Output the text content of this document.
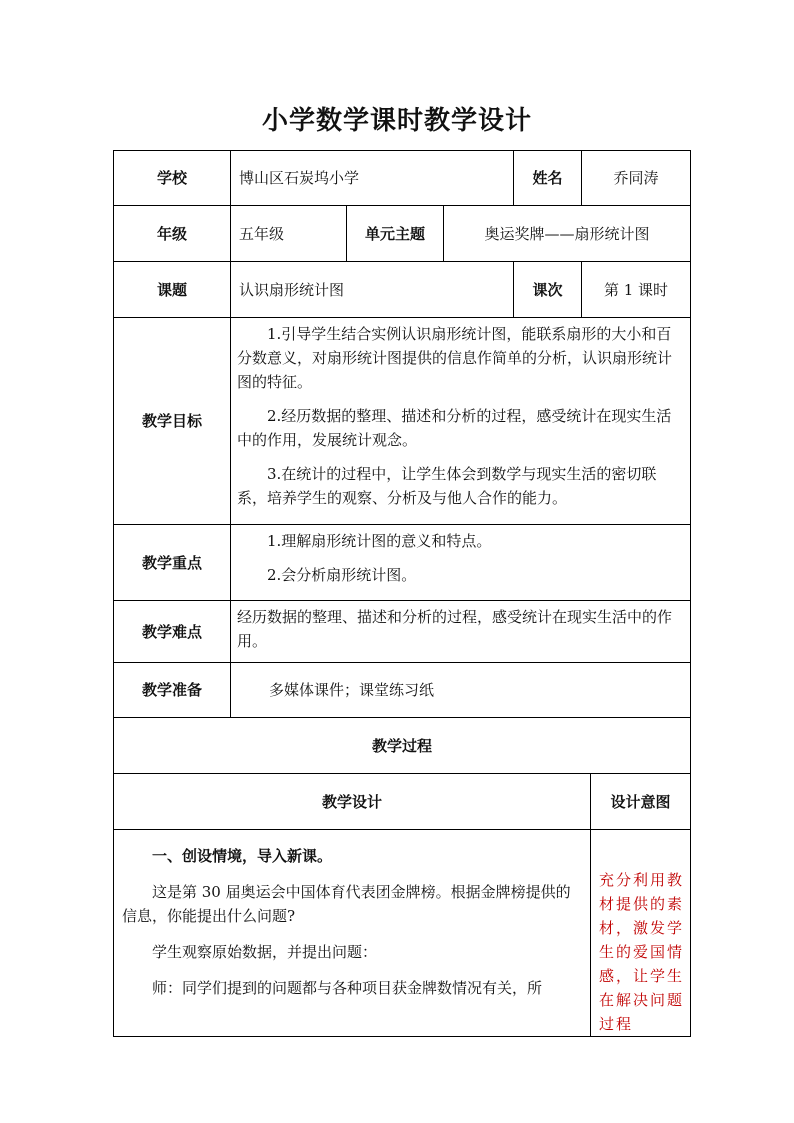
小学数学课时教学设计
学校	博山区石炭坞小学			姓名	乔同涛	
年级	五年级	单元主题	奥运奖牌——扇形统计图			
课题	认识扇形统计图			课次	第 1 课时	
教学目标	1.引导学生结合实例认识扇形统计图，能联系扇形的大小和百分数意义，对扇形统计图提供的信息作简单的分析，认识扇形统计图的特征。

2.经历数据的整理、描述和分析的过程，感受统计在现实生活中的作用，发展统计观念。

3.在统计的过程中，让学生体会到数学与现实生活的密切联系，培养学生的观察、分析及与他人合作的能力。					

教学重点	1.理解扇形统计图的意义和特点。

2.会分析扇形统计图。					

教学难点	经历数据的整理、描述和分析的过程，感受统计在现实生活中的作用。					
教学准备	多媒体课件；课堂练习纸					
教学过程						
教学设计						设计意图

一、创设情境，导入新课。

这是第 30 届奥运会中国体育代表团金牌榜。根据金牌榜提供的信息，你能提出什么问题?

学生观察原始数据，并提出问题：

师：同学们提到的问题都与各种项目获金牌数情况有关，所						充分利用教材提供的素材，激发学生的爱国情感，让学生在解决问题过程
